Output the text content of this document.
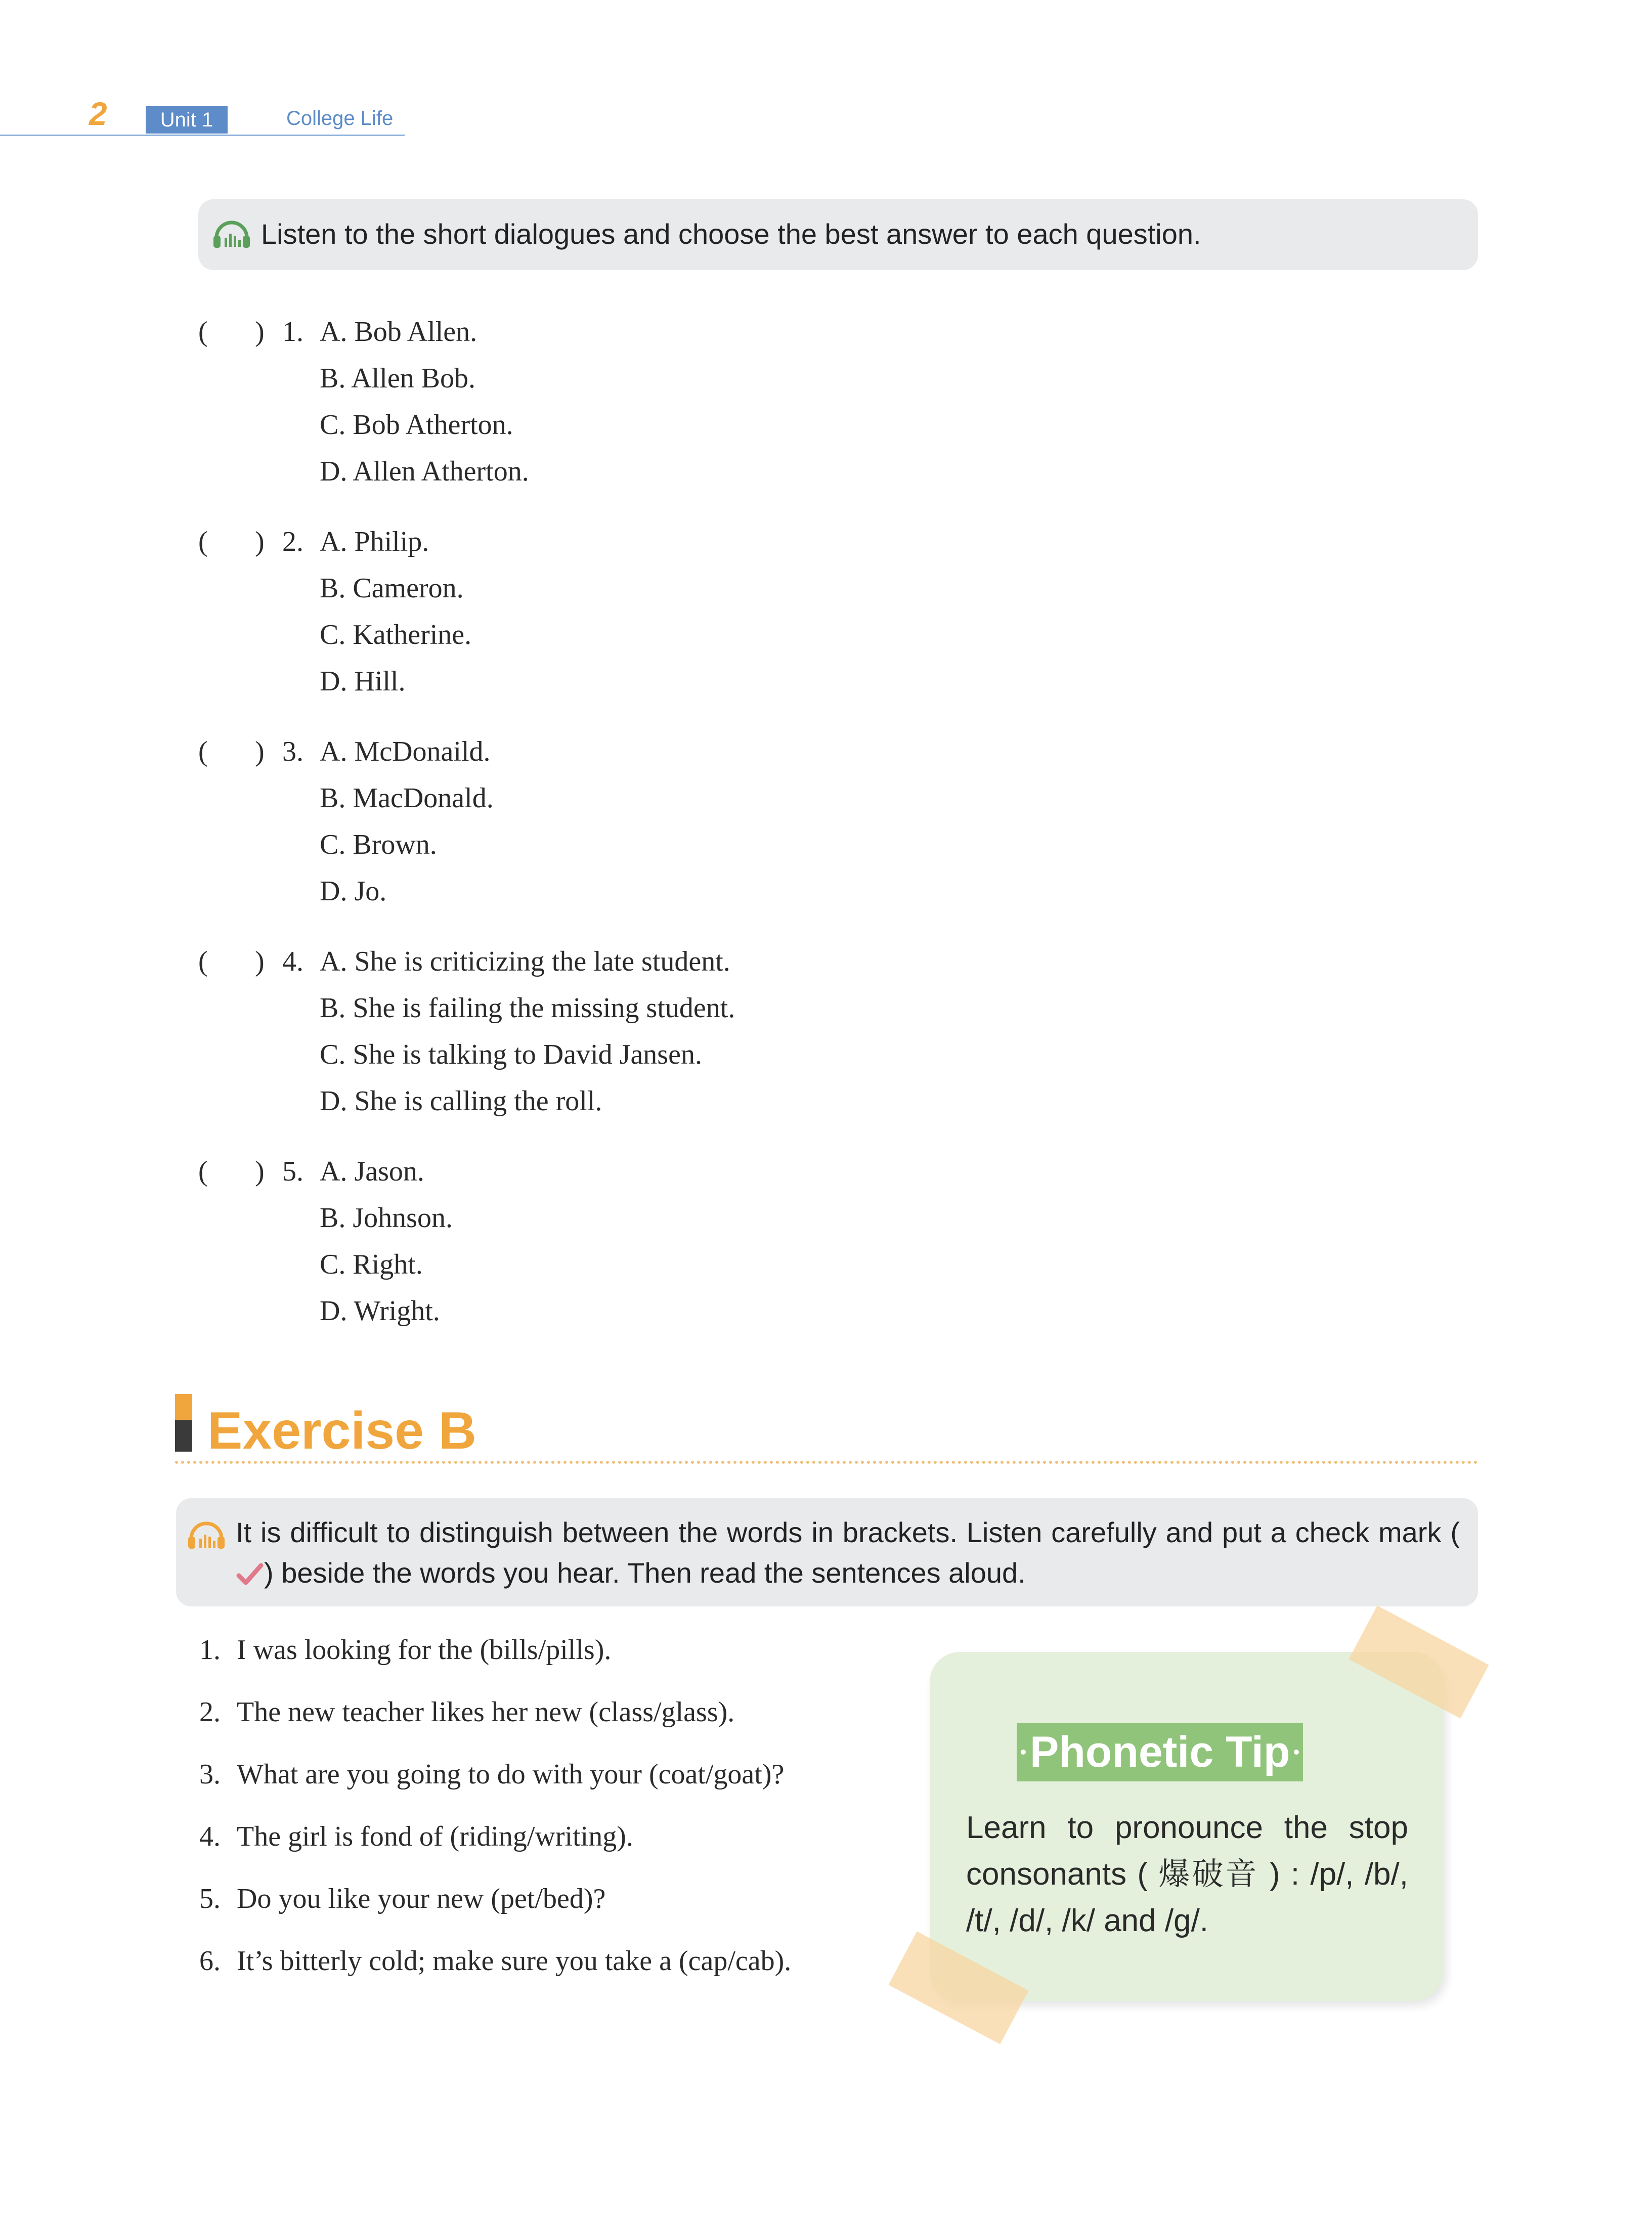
2	Unit 1	College Life
Listen to the short dialogues and choose the best answer to each question.
( ) 1. A. Bob Allen.
B. Allen Bob.
C. Bob Atherton.
D. Allen Atherton.
( ) 2. A. Philip.
B. Cameron.
C. Katherine.
D. Hill.
( ) 3. A. McDonaild.
B. MacDonald.
C. Brown.
D. Jo.
( ) 4. A. She is criticizing the late student.
B. She is failing the missing student.
C. She is talking to David Jansen.
D. She is calling the roll.
( ) 5. A. Jason.
B. Johnson.
C. Right.
D. Wright.
Exercise B
It is difficult to distinguish between the words in brackets. Listen carefully and put a check mark () beside the words you hear. Then read the sentences aloud.
1. I was looking for the (bills/pills).
2. The new teacher likes her new (class/glass).
3. What are you going to do with your (coat/goat)?
4. The girl is fond of (riding/writing).
5. Do you like your new (pet/bed)?
6. It’s bitterly cold; make sure you take a (cap/cab).
Phonetic Tip
Learn to pronounce the stop consonants ( 爆破音 ) : /p/, /b/, /t/, /d/, /k/ and /g/.
